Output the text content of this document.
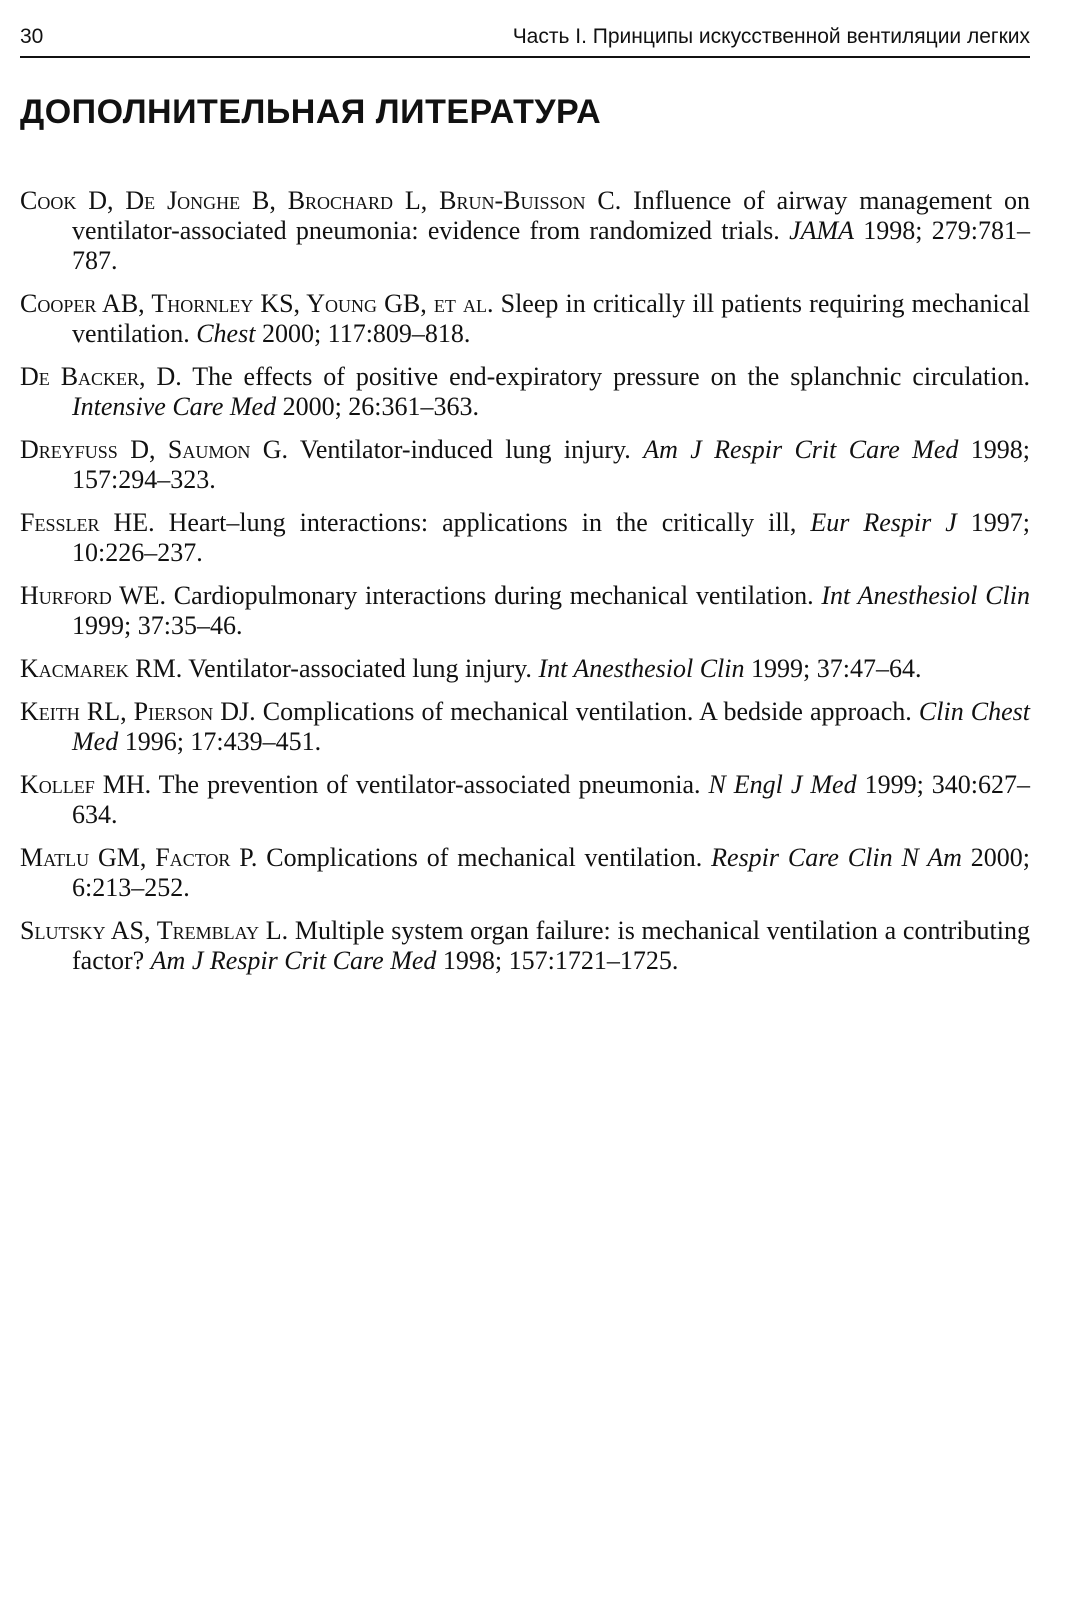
30	Часть I. Принципы искусственной вентиляции легких
ДОПОЛНИТЕЛЬНАЯ ЛИТЕРАТУРА
Cook D, De Jonghe B, Brochard L, Brun-Buisson C. Influence of airway management on ventilator-associated pneumonia: evidence from randomized trials. JAMA 1998; 279:781–787.
Cooper AB, Thornley KS, Young GB, et al. Sleep in critically ill patients requiring mechanical ventilation. Chest 2000; 117:809–818.
De Backer, D. The effects of positive end-expiratory pressure on the splanchnic circulation. Intensive Care Med 2000; 26:361–363.
Dreyfuss D, Saumon G. Ventilator-induced lung injury. Am J Respir Crit Care Med 1998; 157:294–323.
Fessler HE. Heart–lung interactions: applications in the critically ill, Eur Respir J 1997; 10:226–237.
Hurford WE. Cardiopulmonary interactions during mechanical ventilation. Int Anesthesiol Clin 1999; 37:35–46.
Kacmarek RM. Ventilator-associated lung injury. Int Anesthesiol Clin 1999; 37:47–64.
Keith RL, Pierson DJ. Complications of mechanical ventilation. A bedside approach. Clin Chest Med 1996; 17:439–451.
Kollef MH. The prevention of ventilator-associated pneumonia. N Engl J Med 1999; 340:627–634.
Matlu GM, Factor P. Complications of mechanical ventilation. Respir Care Clin N Am 2000; 6:213–252.
Slutsky AS, Tremblay L. Multiple system organ failure: is mechanical ventilation a contributing factor? Am J Respir Crit Care Med 1998; 157:1721–1725.
